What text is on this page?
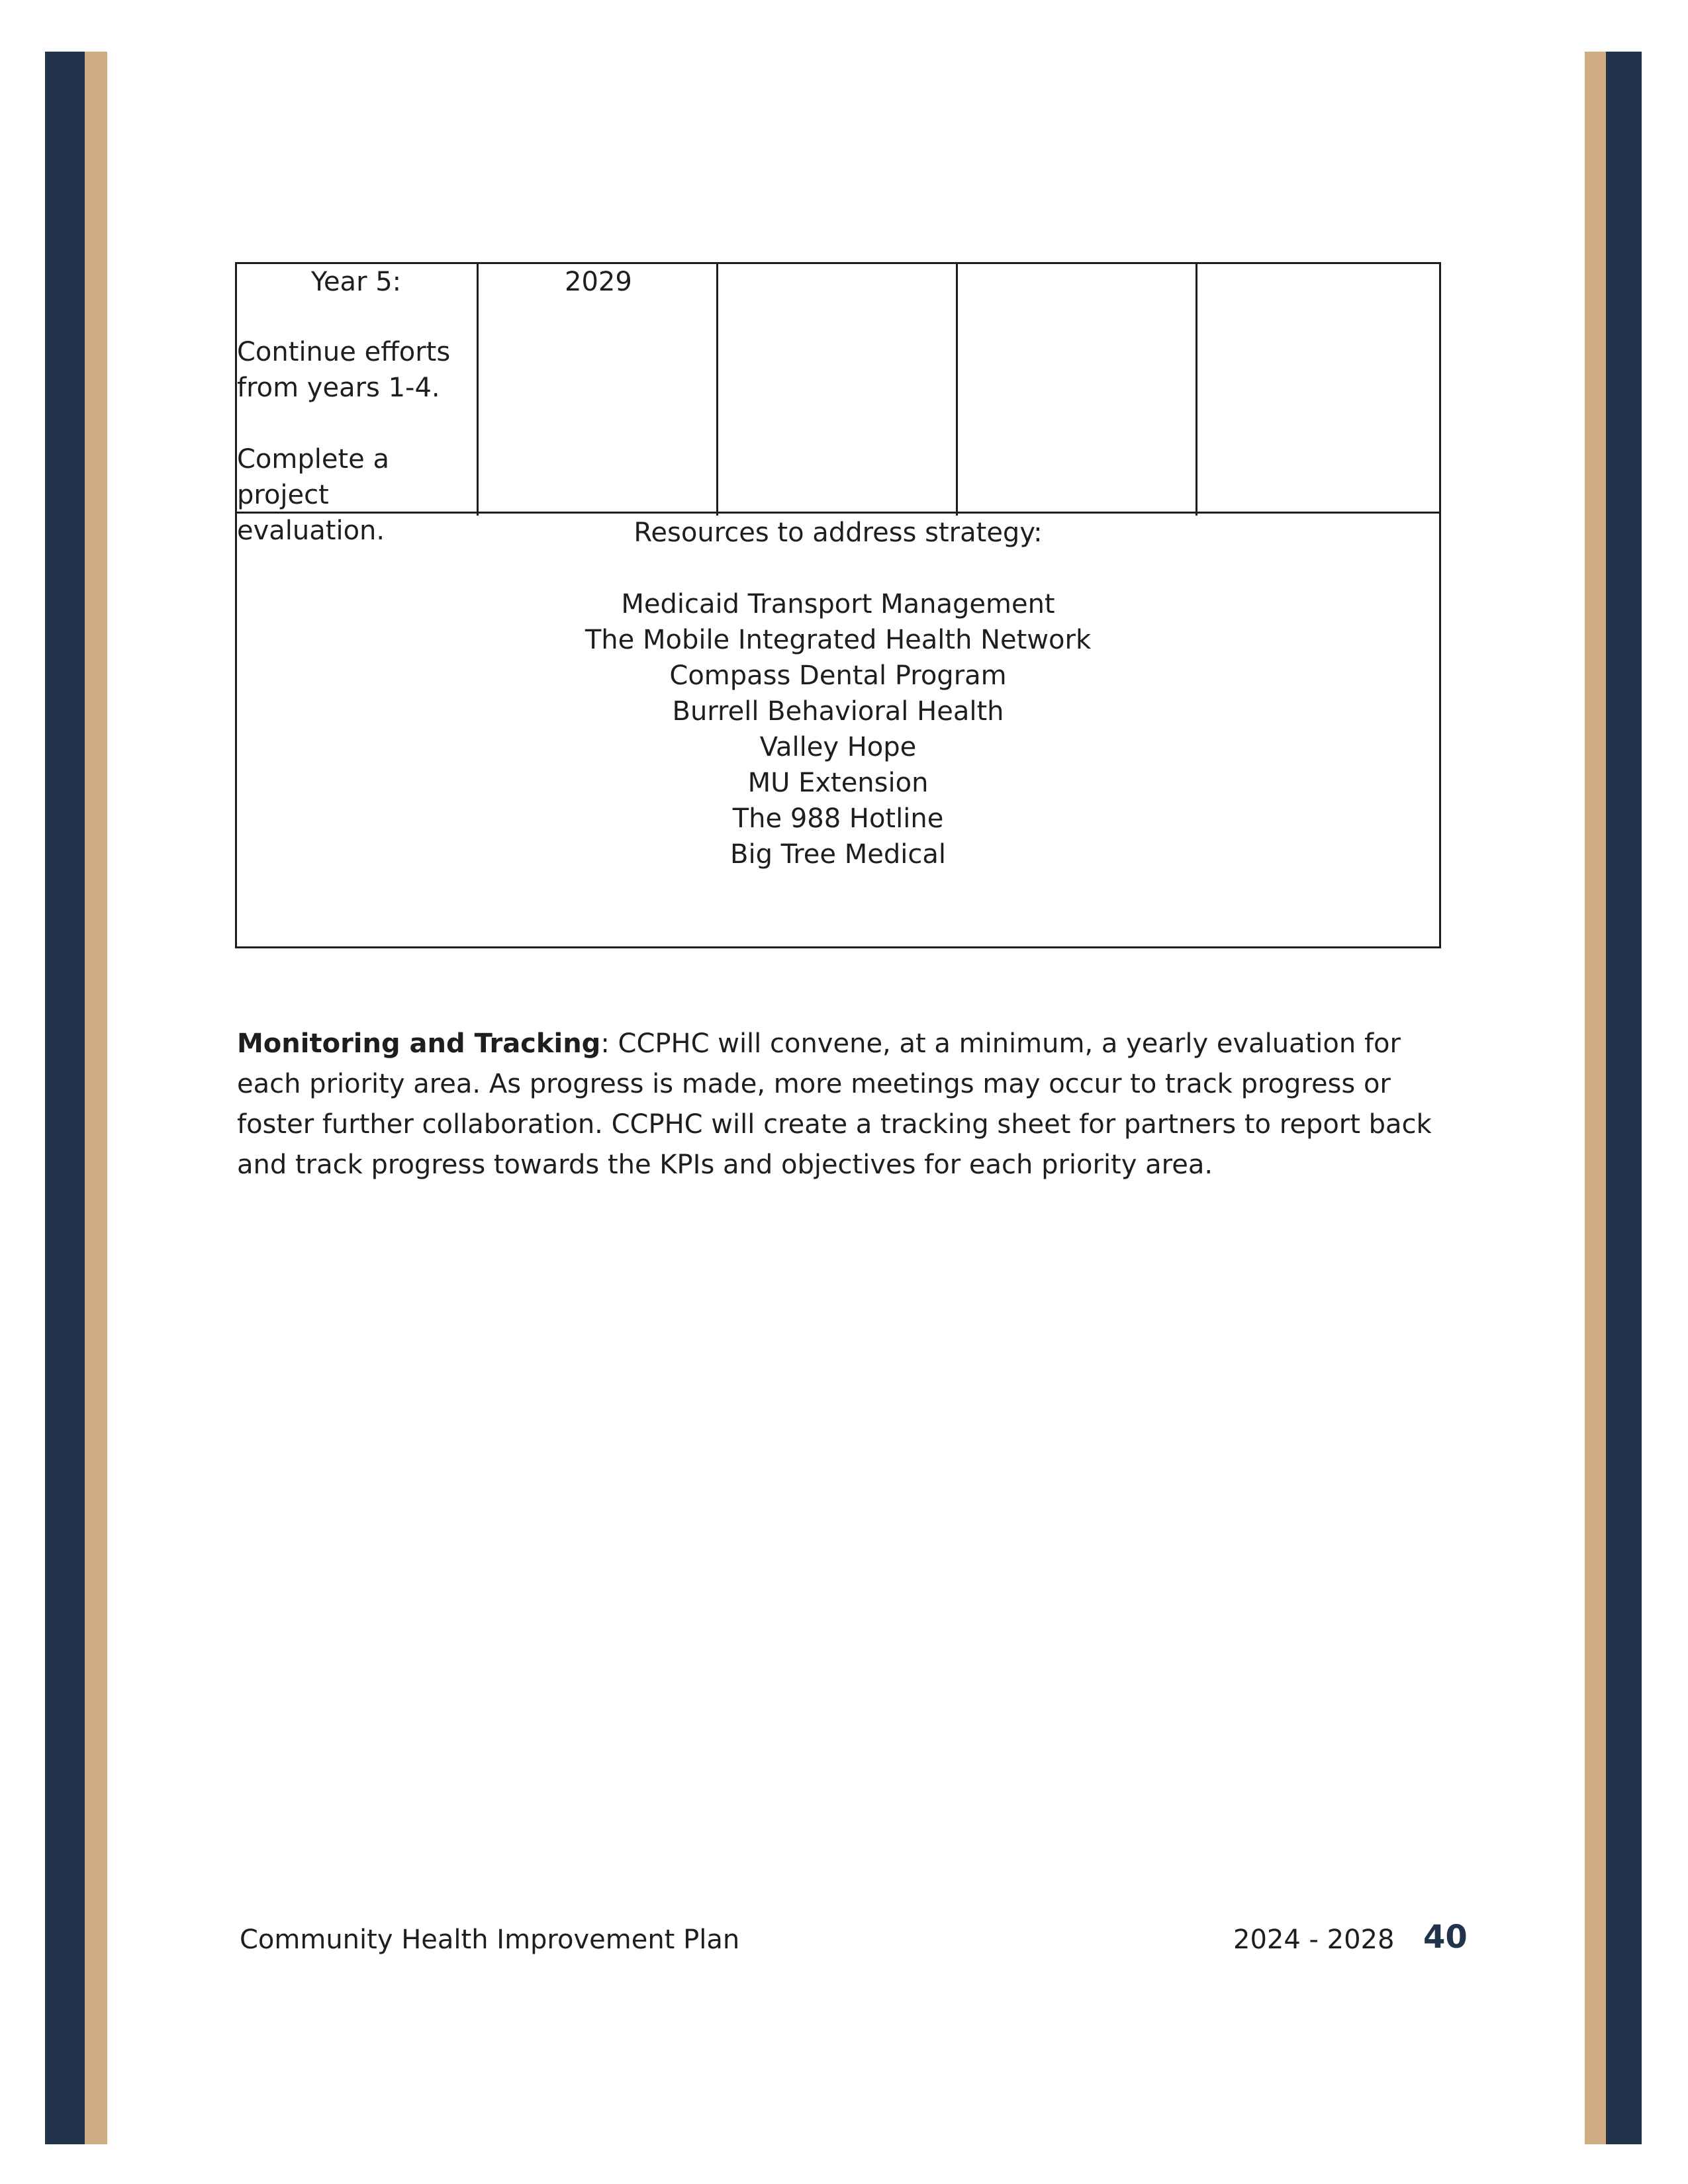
Year 5:

Continue efforts from years 1-4.

Complete a project evaluation.

2029
Resources to address strategy:
Medicaid Transport Management
The Mobile Integrated Health Network
Compass Dental Program
Burrell Behavioral Health
Valley Hope
MU Extension
The 988 Hotline
Big Tree Medical
Monitoring and Tracking: CCPHC will convene, at a minimum, a yearly evaluation for each priority area. As progress is made, more meetings may occur to track progress or foster further collaboration. CCPHC will create a tracking sheet for partners to report back and track progress towards the KPIs and objectives for each priority area.
Community Health Improvement Plan	2024 - 2028 40
